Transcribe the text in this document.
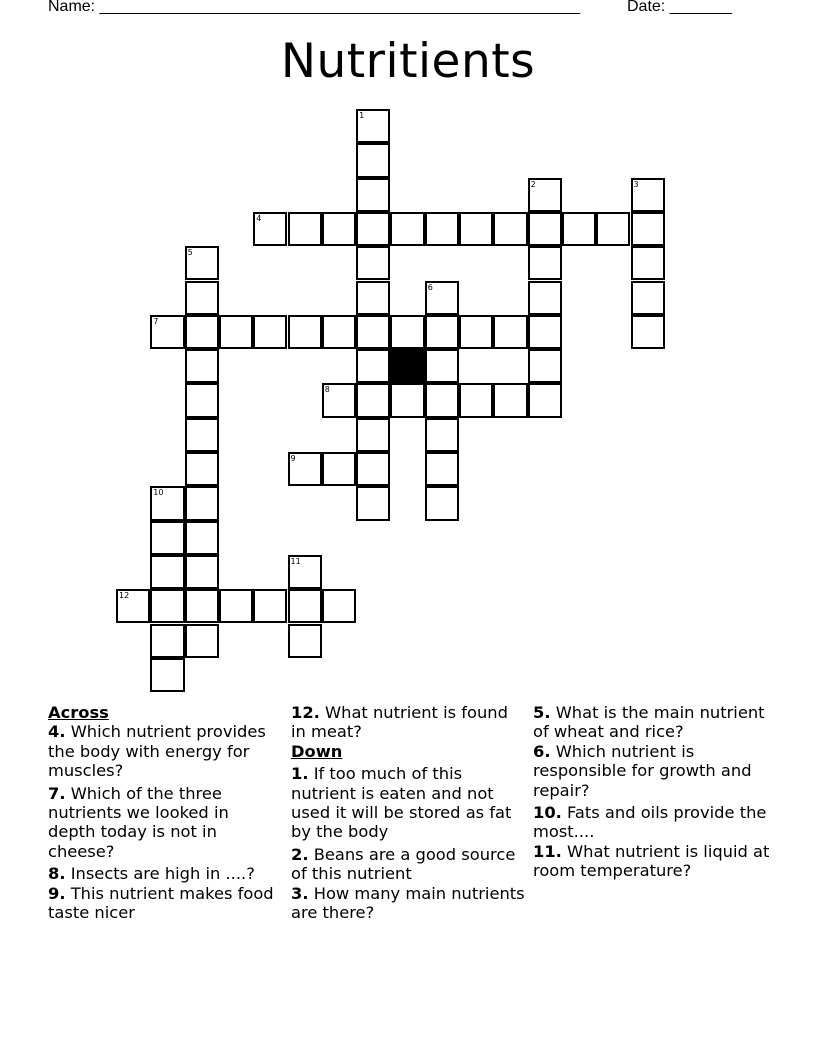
Name: ______________________________________________________	Date: _______
Nutritients
1
2	3
4
5
6
7
8
9
10
11
12
Across
4. Which nutrient provides the body with energy for muscles?
7. Which of the three nutrients we looked in depth today is not in cheese?
8. Insects are high in ....?
9. This nutrient makes food taste nicer
12. What nutrient is found in meat?
Down
1. If too much of this nutrient is eaten and not used it will be stored as fat by the body
2. Beans are a good source of this nutrient
3. How many main nutrients are there?
5. What is the main nutrient of wheat and rice?
6. Which nutrient is responsible for growth and repair?
10. Fats and oils provide the most....
11. What nutrient is liquid at room temperature?
